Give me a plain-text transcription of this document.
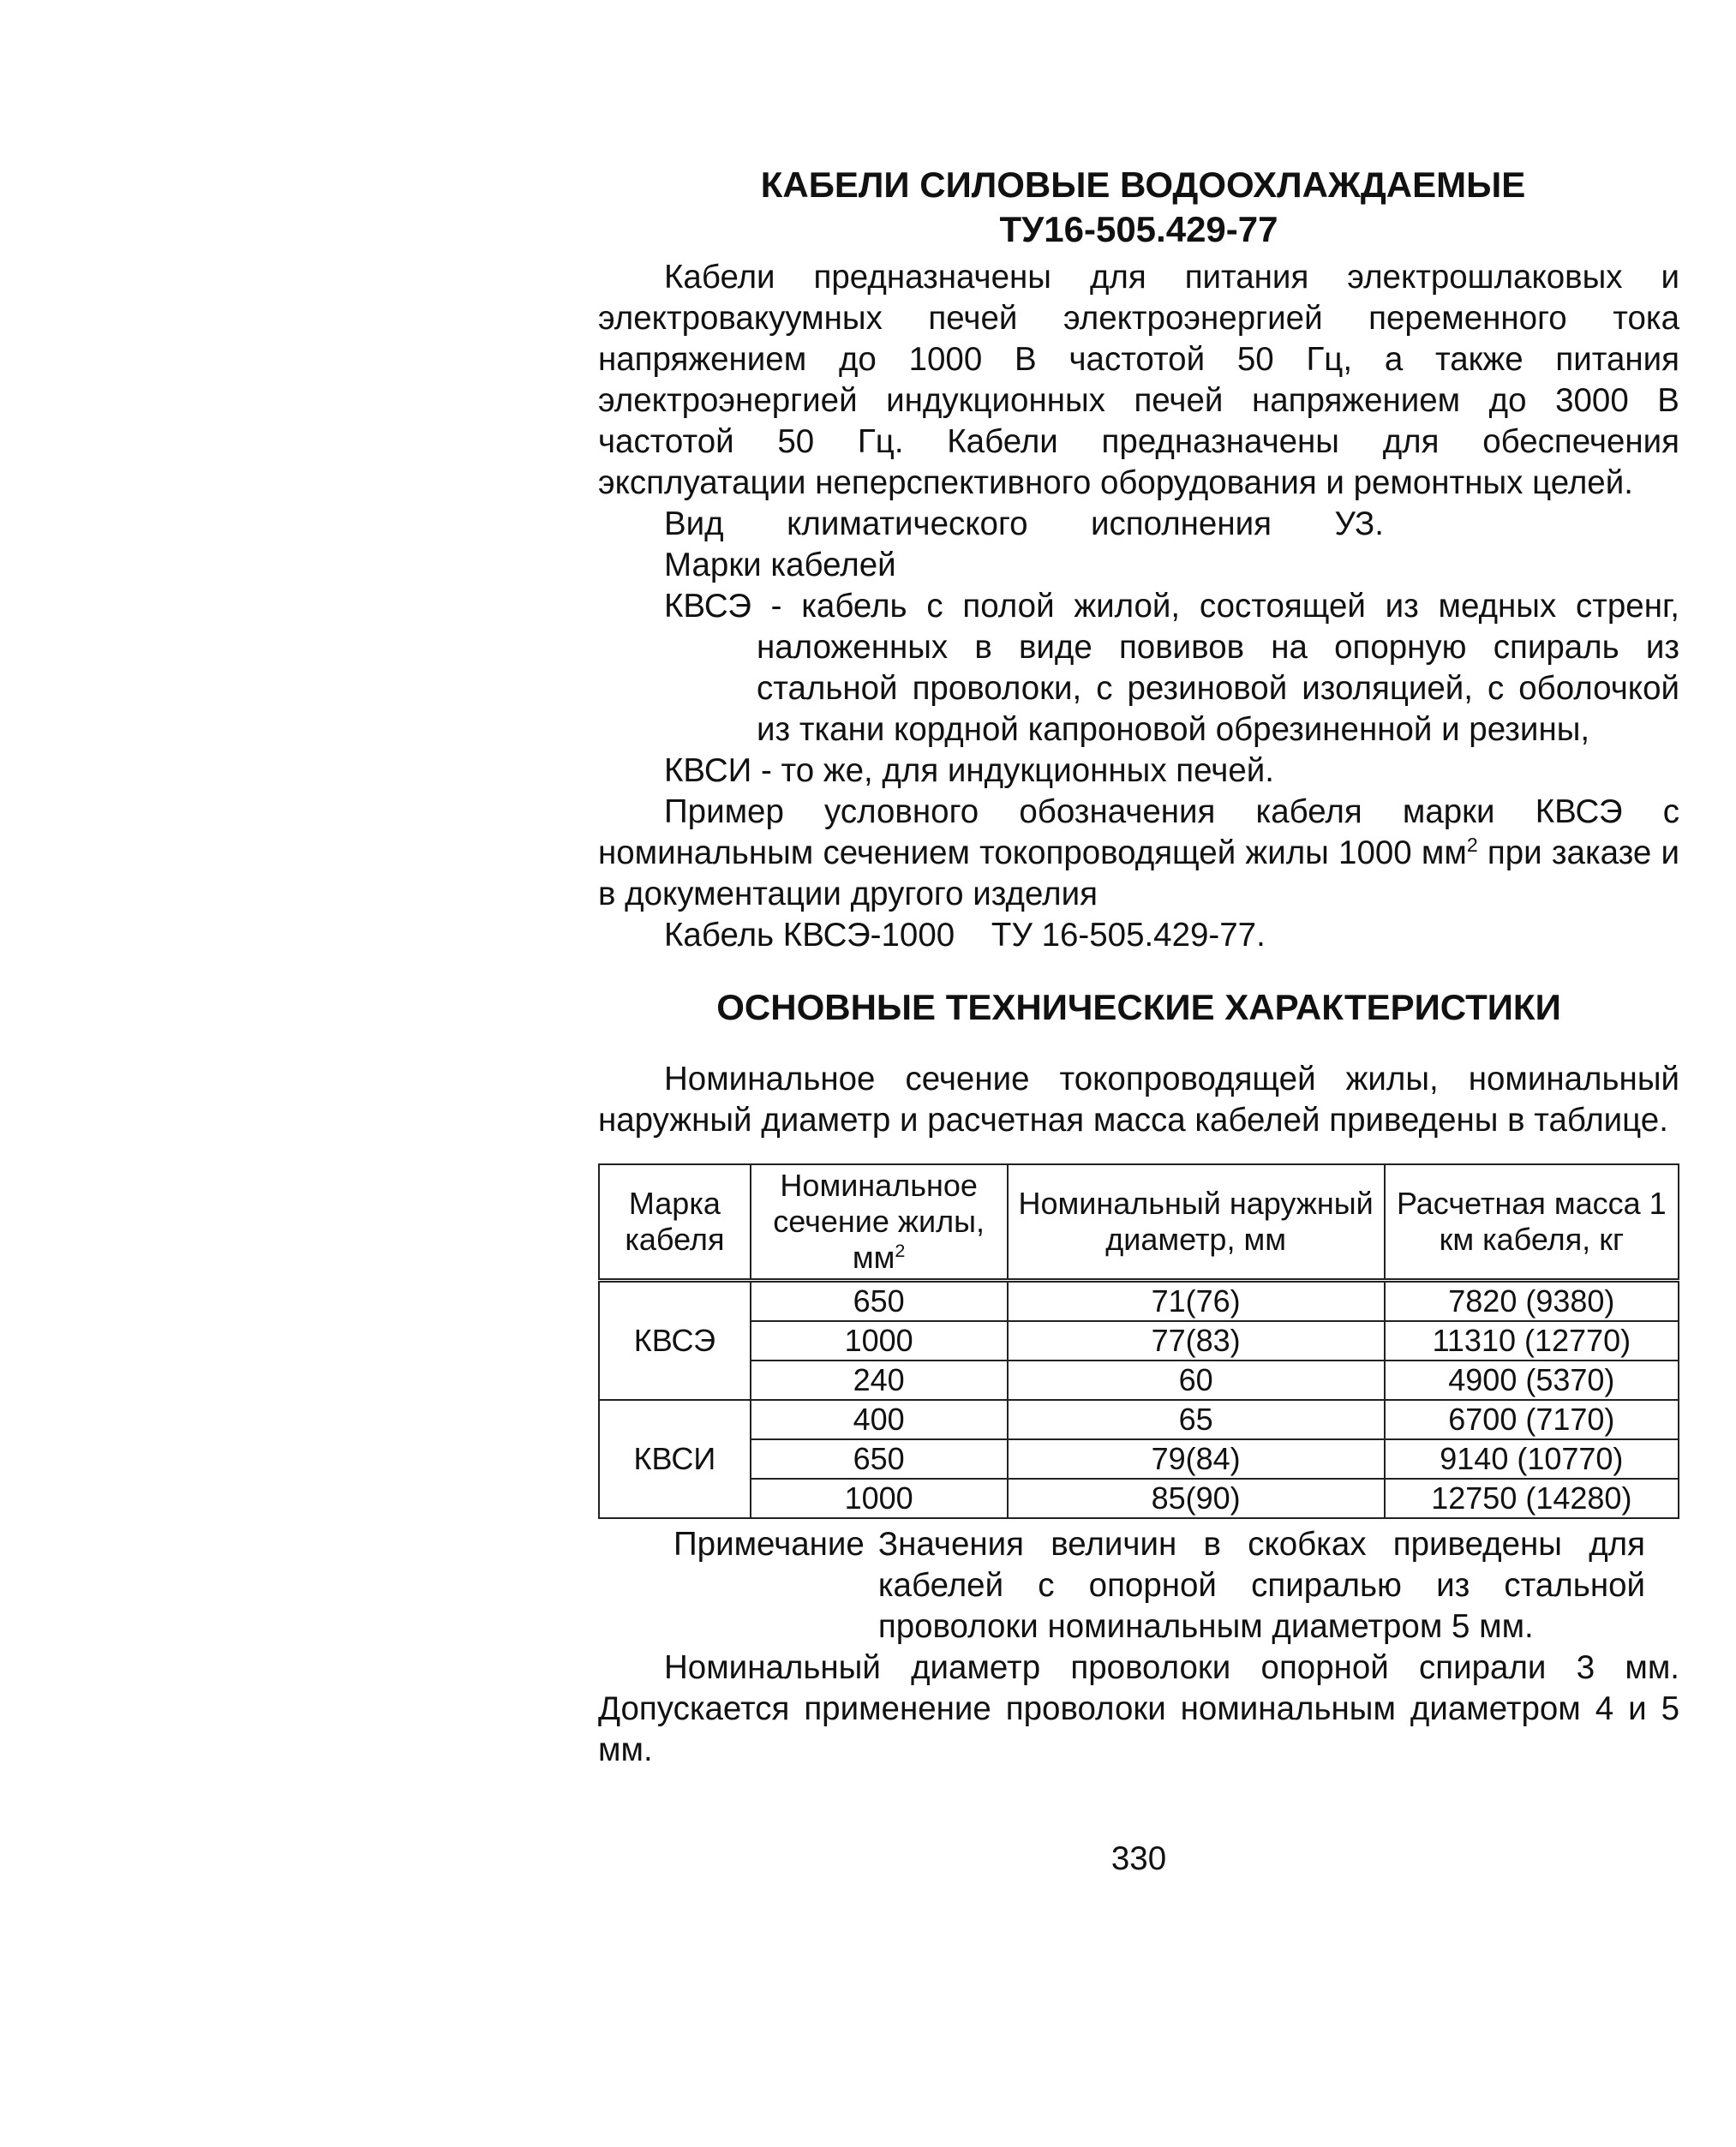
КАБЕЛИ СИЛОВЫЕ ВОДООХЛАЖДАЕМЫЕ
ТУ16-505.429-77

Кабели предназначены для питания электрошлаковых и электровакуумных печей электроэнергией переменного тока напряжением до 1000 В частотой 50 Гц, а также питания электроэнергией индукционных печей напряжением до 3000 В частотой 50 Гц. Кабели предназначены для обеспечения эксплуатации неперспективного оборудования и ремонтных целей.

Вид климатического исполнения УЗ.

Марки кабелей

КВСЭ - кабель с полой жилой, состоящей из медных стренг, наложенных в виде повивов на опорную спираль из стальной проволоки, с резиновой изоляцией, с оболочкой из ткани кордной капроновой обрезиненной и резины,

КВСИ - то же, для индукционных печей.

Пример условного обозначения кабеля марки КВСЭ с номинальным сечением токопроводящей жилы 1000 $мм^2$ при заказе и в документации другого изделия

Кабель КВСЭ-1000    ТУ 16-505.429-77.

ОСНОВНЫЕ ТЕХНИЧЕСКИЕ ХАРАКТЕРИСТИКИ

Номинальное сечение токопроводящей жилы, номинальный наружный диаметр и расчетная масса кабелей приведены в таблице.

Марка кабеля	Номинальное сечение жилы, $мм^2$	Номинальный наружный диаметр, мм	Расчетная масса 1 км кабеля, кг
КВСЭ	650	71(76)	7820 (9380)
	1000	77(83)	11310 (12770)
	240	60	4900 (5370)
КВСИ	400	65	6700 (7170)
	650	79(84)	9140 (10770)
	1000	85(90)	12750 (14280)
Примечание Значения величин в скобках приведены для кабелей с опорной спиралью из стальной проволоки номинальным диаметром 5 мм.

Номинальный диаметр проволоки опорной спирали 3 мм. Допускается применение проволоки номинальным диаметром 4 и 5 мм.

330
